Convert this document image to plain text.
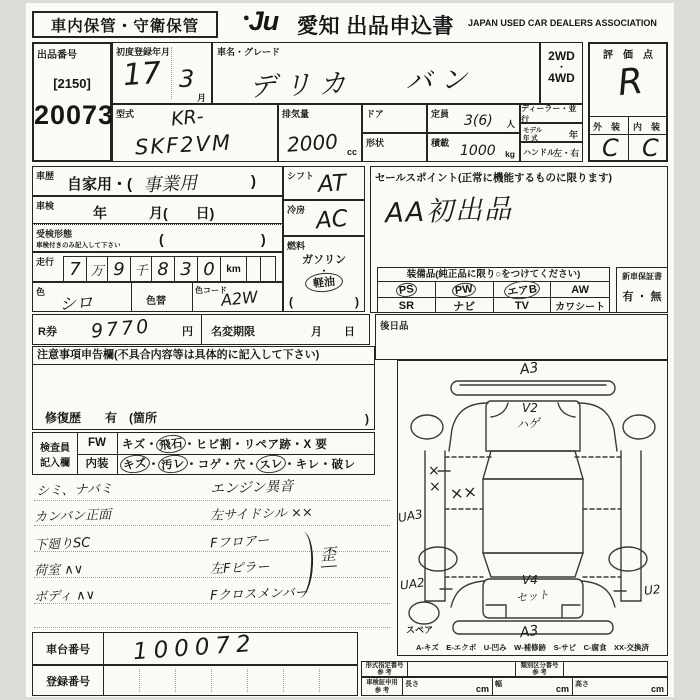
車内保管・守衛保管	●Ju 愛知 出品申込書 JAPAN USED CAR DEALERS ASSOCIATION
出品番号
[2150]
20073
初度登録年月
17 3
月
車名・グレード
デリカ　 バン
2WD
・
4WD
型式 KR-
SKF2VM
排気量
2000 cc
ドア	定員 3(6) 人
形状	積載 1000 kg
ディーラー・並 行
モデル
年 式	年
ハンドル
左・右
評　価　点
R
外　装 内　装
C C
車歴 自家用・( 事業用	)
車検	年　　　月(　　日)
受検形態
車検付きのみ記入して下さい	(	)
走行 7 万 9 千 8 3 0 km
色
シロ	色替
色コード
A2W
シフト AT
冷房 AC
燃料
ガソリン
・
軽油
(	)
セールスポイント(正常に機能するものに限ります)
AA初出品
装備品(純正品に限り○をつけてください)
PS	PW	エアB	AW
SR	ナビ	TV	カワシート
新車保証書
有 ・ 無
R券 9770	円 名変期限	月　　日	後日品
注意事項申告欄(不具合内容等は具体的に記入して下さい)
修復歴　　有　(箇所	)
検査員
記入欄
FW	キズ・飛石・ヒビ割・リペア跡・X 要
内装	キズ・汚レ・コゲ・穴・スレ・キレ・破レ
シミ、ナバミ
カンバン正面
下廻りSC
荷室 ∧∨
ボディ ∧∨
エンジン異音
左サイドシル ××
Fフロアー
左Fピラー
Fクロスメンバー
歪
A3
V2
ハゲ
×
× ××
UA3
UA2	U2
V4
セット
スペア	A3
A-キズ　E-エクボ　U-凹み　W-補修跡　S-サビ　C-腐食　XX-交換済
車台番号 100072
登録番号
形式指定番号
参 考
類別区分番号
参 考
車検証申用
参 考
長さ	cm 幅	cm 高さ	cm
